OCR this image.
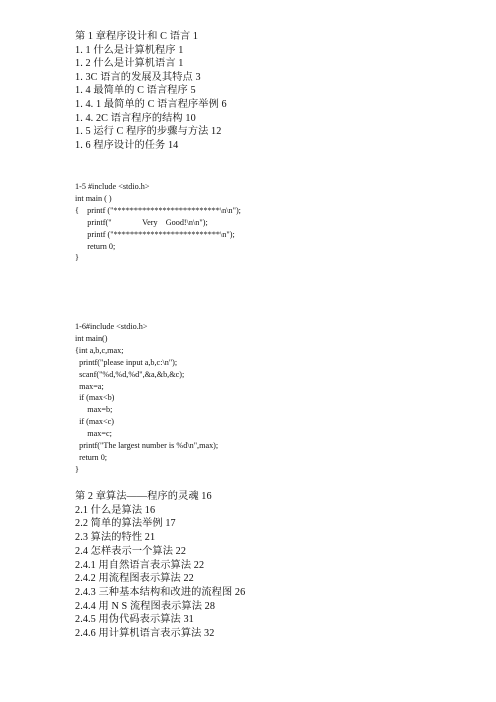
第 1 章程序设计和 C 语言 1

1. 1 什么是计算机程序 1

1. 2 什么是计算机语言 1

1. 3C 语言的发展及其特点 3

1. 4 最简单的 C 语言程序 5

1. 4. 1 最简单的 C 语言程序举例 6

1. 4. 2C 语言程序的结构 10

1. 5 运行 C 程序的步骤与方法 12

1. 6 程序设计的任务 14

1-5 #include <stdio.h>

int main ( )

{    printf ("**************************\n\n");

printf("               Very    Good!\n\n");

printf ("**************************\n");

return 0;

}

1-6#include <stdio.h>

int main()

{int a,b,c,max;

printf("please input a,b,c:\n");

scanf("%d,%d,%d",&a,&b,&c);

max=a;

if (max<b)

max=b;

if (max<c)

max=c;

printf("The largest number is %d\n",max);

return 0;

}

第 2 章算法——程序的灵魂 16

2.1 什么是算法 16

2.2 简单的算法举例 17

2.3 算法的特性 21

2.4 怎样表示一个算法 22

2.4.1 用自然语言表示算法 22

2.4.2 用流程图表示算法 22

2.4.3 三种基本结构和改进的流程图 26

2.4.4 用 N S 流程图表示算法 28

2.4.5 用伪代码表示算法 31

2.4.6 用计算机语言表示算法 32
